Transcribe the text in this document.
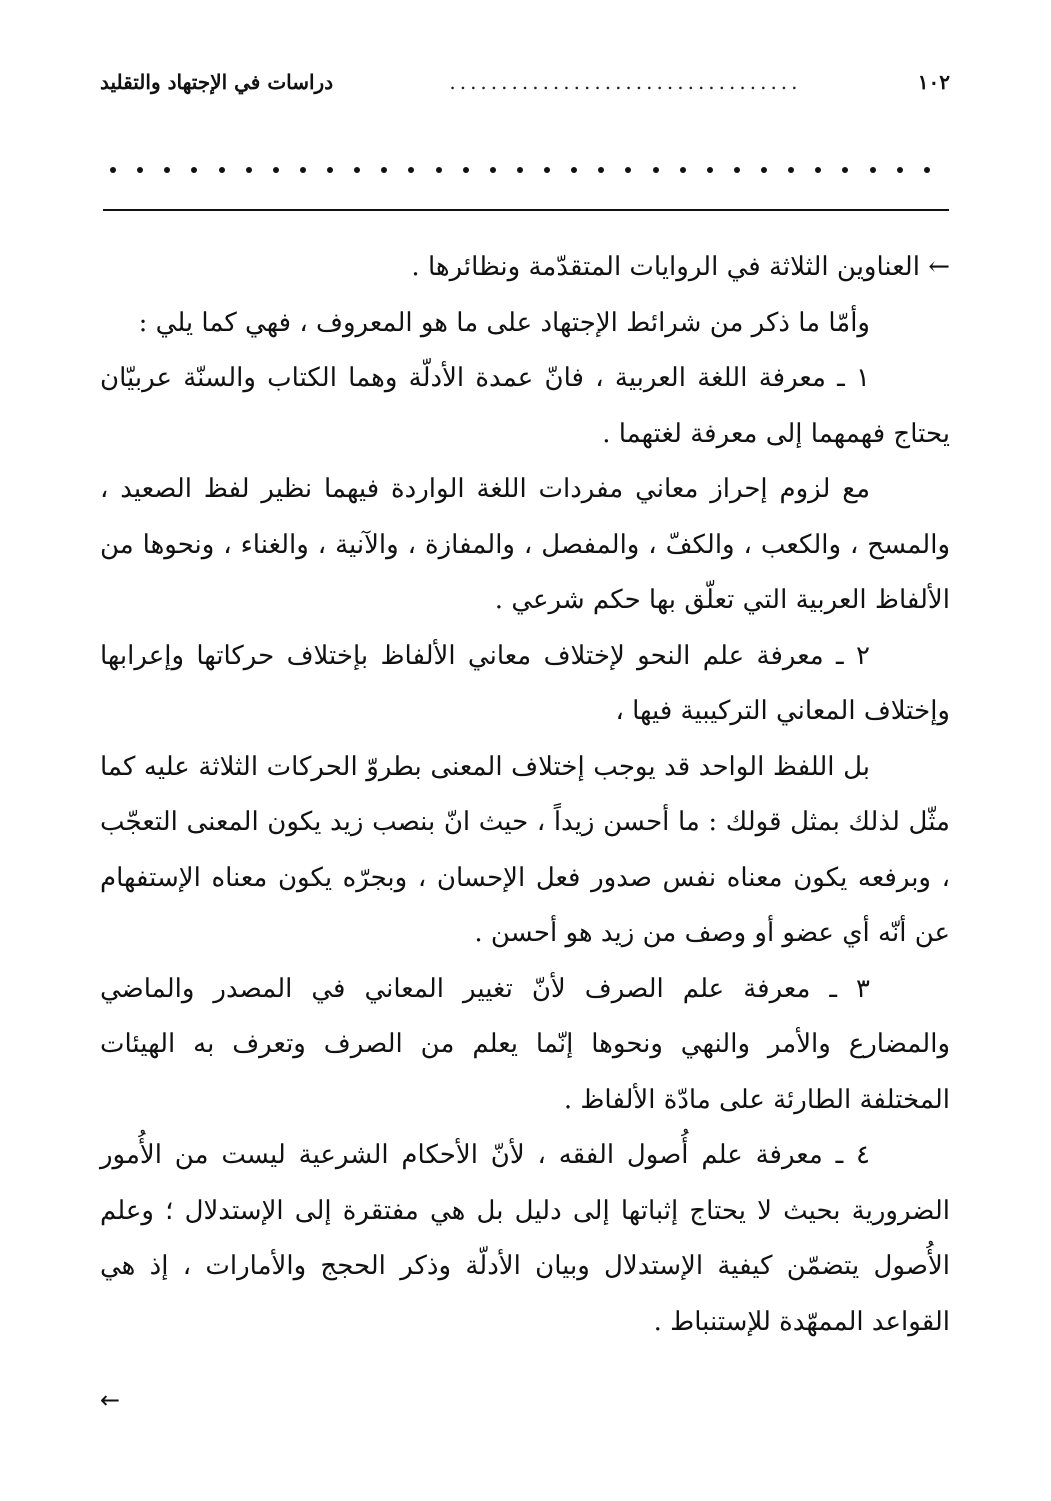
١٠٢
..................................
دراسات في الإجتهاد والتقليد

← العناوين الثلاثة في الروايات المتقدّمة ونظائرها .

وأمّا ما ذكر من شرائط الإجتهاد على ما هو المعروف ، فهي كما يلي :

١ ـ معرفة اللغة العربية ، فانّ عمدة الأدلّة وهما الكتاب والسنّة عربيّان يحتاج فهمهما إلى معرفة لغتهما .

مع لزوم إحراز معاني مفردات اللغة الواردة فيهما نظير لفظ الصعيد ، والمسح ، والكعب ، والكفّ ، والمفصل ، والمفازة ، والآنية ، والغناء ، ونحوها من الألفاظ العربية التي تعلّق بها حكم شرعي .

٢ ـ معرفة علم النحو لإختلاف معاني الألفاظ بإختلاف حركاتها وإعرابها وإختلاف المعاني التركيبية فيها ،

بل اللفظ الواحد قد يوجب إختلاف المعنى بطروّ الحركات الثلاثة عليه كما مثّل لذلك بمثل قولك : ما أحسن زيداً ، حيث انّ بنصب زيد يكون المعنى التعجّب ، وبرفعه يكون معناه نفس صدور فعل الإحسان ، وبجرّه يكون معناه الإستفهام عن أنّه أي عضو أو وصف من زيد هو أحسن .

٣ ـ معرفة علم الصرف لأنّ تغيير المعاني في المصدر والماضي والمضارع والأمر والنهي ونحوها إنّما يعلم من الصرف وتعرف به الهيئات المختلفة الطارئة على مادّة الألفاظ .

٤ ـ معرفة علم أُصول الفقه ، لأنّ الأحكام الشرعية ليست من الأُمور الضرورية بحيث لا يحتاج إثباتها إلى دليل بل هي مفتقرة إلى الإستدلال ؛ وعلم الأُصول يتضمّن كيفية الإستدلال وبيان الأدلّة وذكر الحجج والأمارات ، إذ هي القواعد الممهّدة للإستنباط .

←
